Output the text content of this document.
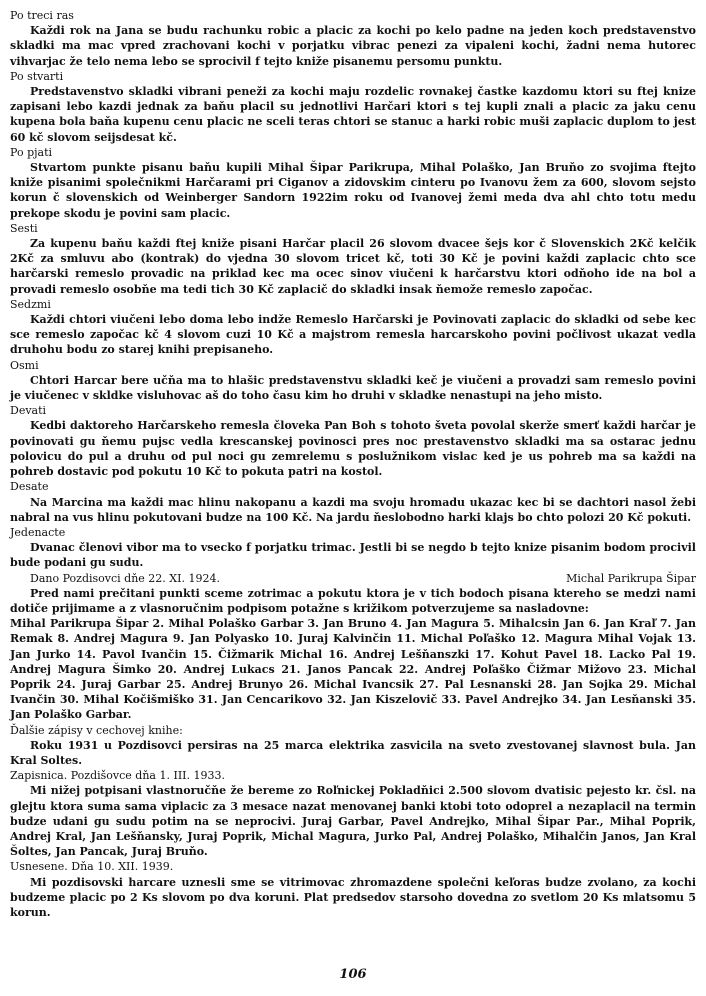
Po treci ras

Každi rok na Jana se budu rachunku robic a placic za kochi po kelo padne na jeden koch predstavenstvo skladki ma mac vpred zrachovani kochi v porjatku vibrac penezi za vipaleni kochi, žadni nema hutorec vihvarjac že telo nema lebo se sprocivil f tejto kniže pisanemu persomu punktu.

Po stvarti

Predstavenstvo skladki vibrani peneži za kochi maju rozdelic rovnakej častke kazdomu ktori su ftej knize zapisani lebo kazdi jednak za baňu placil su jednotlivi Harčari ktori s tej kupli znali a placic za jaku cenu kupena bola baňa kupenu cenu placic ne sceli teras chtori se stanuc a harki robic muši zaplacic duplom to jest 60 kč slovom seijsdesat kč.

Po pjati

Stvartom punkte pisanu baňu kupili Mihal Šipar Parikrupa, Mihal Polaško, Jan Bruňo zo svojima ftejto kniže pisanimi společnikmi Harčarami pri Ciganov a zidovskim cinteru po Ivanovu žem za 600, slovom sejsto korun č slovenskich od Weinberger Sandorn 1922im roku od Ivanovej žemi meda dva ahl chto totu medu prekope skodu je povini sam placic.

Sesti

Za kupenu baňu každi ftej kniže pisani Harčar placil 26 slovom dvacee šejs kor č Slovenskich 2Kč kelčik 2Kč za smluvu abo (kontrak) do vjedna 30 slovom tricet kč, toti 30 Kč je povini každi zaplacic chto sce harčarski remeslo provadic na priklad kec ma ocec sinov viučeni k harčarstvu ktori odňoho ide na bol a provadi remeslo osobňe ma tedi tich 30 Kč zaplacič do skladki insak ňemože remeslo započac.

Sedzmi

Každi chtori viučeni lebo doma lebo indže Remeslo Harčarski je Povinovati zaplacic do skladki od sebe kec sce remeslo započac kč 4 slovom cuzi 10 Kč a majstrom remesla harcarskoho povini počlivost ukazat vedla druhohu bodu zo starej knihi prepisaneho.

Osmi

Chtori Harcar bere učňa ma to hlašic predstavenstvu skladki keč je viučeni a provadzi sam remeslo povini je viučenec v skldke visluhovac aš do toho času kim ho druhi v skladke nenastupi na jeho misto.

Devati

Kedbi daktoreho Harčarskeho remesla človeka Pan Boh s tohoto šveta povolal skerže smerť každi harčar je povinovati gu ňemu pujsc vedla krescanskej povinosci pres noc prestavenstvo skladki ma sa ostarac jednu polovicu do pul a druhu od pul noci gu zemrelemu s poslužnikom vislac ked je us pohreb ma sa každi na pohreb dostavic pod pokutu 10 Kč to pokuta patri na kostol.

Desate

Na Marcina ma každi mac hlinu nakopanu a kazdi ma svoju hromadu ukazac kec bi se dachtori nasol žebi nabral na vus hlinu pokutovani budze na 100 Kč. Na jardu ňeslobodno harki klajs bo chto polozi 20 Kč pokuti.

Jedenacte

Dvanac členovi vibor ma to vsecko f porjatku trimac. Jestli bi se negdo b tejto knize pisanim bodom procivil bude podani gu sudu.

Dano Pozdisovci dňe 22. XI. 1924.	Michal Parikrupa Šipar

Pred nami prečitani punkti sceme zotrimac a pokutu ktora je v tich bodoch pisana ktereho se medzi nami dotiče prijimame a z vlasnoručnim podpisom potažne s križikom potverzujeme sa nasladovne:

Mihal Parikrupa Šipar 2. Mihal Polaško Garbar 3. Jan Bruno 4. Jan Magura 5. Mihalcsin Jan 6. Jan Kraľ 7. Jan Remak 8. Andrej Magura 9. Jan Polyasko 10. Juraj Kalvinčin 11. Michal Poľaško 12. Magura Mihal Vojak 13. Jan Jurko 14. Pavol Ivančin 15. Čižmarik Michal 16. Andrej Lešňanszki 17. Kohut Pavel 18. Lacko Pal 19. Andrej Magura Šimko 20. Andrej Lukacs 21. Janos Pancak 22. Andrej Poľaško Čižmar Mižovo 23. Michal Poprik 24. Juraj Garbar 25. Andrej Brunyo 26. Michal Ivancsik 27. Pal Lesnanski 28. Jan Sojka 29. Michal Ivančin 30. Mihal Kočišmiško 31. Jan Cencarikovo 32. Jan Kiszelovič 33. Pavel Andrejko 34. Jan Lesňanski 35. Jan Polaško Garbar.

Ďalšie zápisy v cechovej knihe:

Roku 1931 u Pozdisovci persiras na 25 marca elektrika zasvicila na sveto zvestovanej slavnost bula. Jan Kral Soltes.

Zapisnica. Pozdišovce dňa 1. III. 1933.

Mi nižej potpisani vlastnoručňe že bereme zo Roľnickej Pokladňici 2.500 slovom dvatisic pejesto kr. čsl. na glejtu ktora suma sama viplacic za 3 mesace nazat menovanej banki ktobi toto odoprel a nezaplacil na termin budze udani gu sudu potim na se neprocivi. Juraj Garbar, Pavel Andrejko, Mihal Šipar Par., Mihal Poprik, Andrej Kral, Jan Lešňansky, Juraj Poprik, Michal Magura, Jurko Pal, Andrej Polaško, Mihalčin Janos, Jan Kral Šoltes, Jan Pancak, Juraj Bruňo.

Usnesene. Dňa 10. XII. 1939.

Mi pozdisovski harcare uznesli sme se vitrimovac zhromazdene společni keľoras budze zvolano, za kochi budzeme placic po 2 Ks slovom po dva koruni. Plat predsedov starsoho dovedna zo svetlom 20 Ks mlatsomu 5 korun.

106
